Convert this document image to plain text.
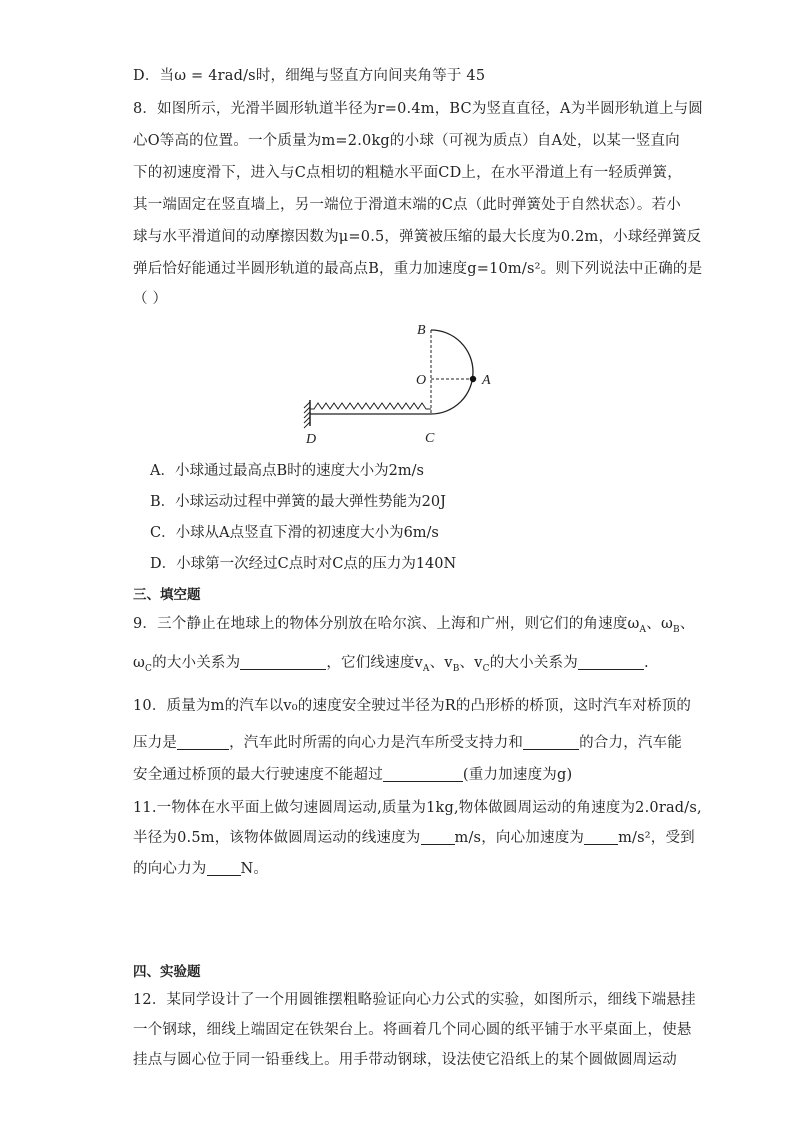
D．当ω = 4rad/s时，细绳与竖直方向间夹角等于 45
8．如图所示，光滑半圆形轨道半径为r=0.4m，BC为竖直直径，A为半圆形轨道上与圆
心O等高的位置。一个质量为m=2.0kg的小球（可视为质点）自A处，以某一竖直向
下的初速度滑下，进入与C点相切的粗糙水平面CD上，在水平滑道上有一轻质弹簧，
其一端固定在竖直墙上，另一端位于滑道末端的C点（此时弹簧处于自然状态）。若小
球与水平滑道间的动摩擦因数为μ=0.5，弹簧被压缩的最大长度为0.2m，小球经弹簧反
弹后恰好能通过半圆形轨道的最高点B，重力加速度g=10m/s²。则下列说法中正确的是
（ ）
B
O	A
D	C
A．小球通过最高点B时的速度大小为2m/s
B．小球运动过程中弹簧的最大弹性势能为20J
C．小球从A点竖直下滑的初速度大小为6m/s
D．小球第一次经过C点时对C点的压力为140N
三、填空题
9．三个静止在地球上的物体分别放在哈尔滨、上海和广州，则它们的角速度$\omega_A$、$\omega_B$、
$\omega_C$的大小关系为	，它们线速度$v_A$、$v_B$、$v_C$的大小关系为	.
10．质量为m的汽车以v₀的速度安全驶过半径为R的凸形桥的桥顶，这时汽车对桥顶的
压力是	，汽车此时所需的向心力是汽车所受支持力和	的合力，汽车能
安全通过桥顶的最大行驶速度不能超过	(重力加速度为g)
11.一物体在水平面上做匀速圆周运动,质量为1kg,物体做圆周运动的角速度为2.0rad/s,
半径为0.5m，该物体做圆周运动的线速度为 m/s，向心加速度为 m/s²，受到
的向心力为 N。
四、实验题
12．某同学设计了一个用圆锥摆粗略验证向心力公式的实验，如图所示，细线下端悬挂
一个钢球，细线上端固定在铁架台上。将画着几个同心圆的纸平铺于水平桌面上，使悬
挂点与圆心位于同一铅垂线上。用手带动钢球，设法使它沿纸上的某个圆做圆周运动
